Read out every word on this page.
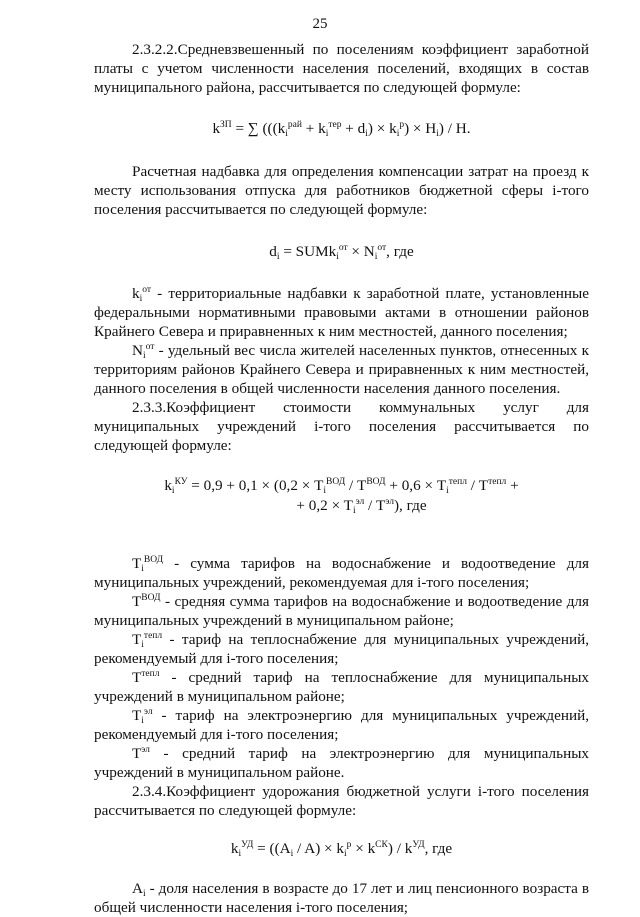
25

2.3.2.2.Средневзвешенный по поселениям коэффициент заработной платы с учетом численности населения поселений, входящих в состав муниципального района, рассчитывается по следующей формуле:

$k^{ЗП}$ = ∑ $(((k_i^{рай} + k_i^{тер} + d_i) \times k_i^р) \times H_i) / H$.

Расчетная надбавка для определения компенсации затрат на проезд к месту использования отпуска для работников бюджетной сферы i-того поселения рассчитывается по следующей формуле:

$d_i$ = SUMk$_i^{от}$ × $N_i^{от}$, где

$k_i^{от}$ - территориальные надбавки к заработной плате, установленные федеральными нормативными правовыми актами в отношении районов Крайнего Севера и приравненных к ним местностей, данного поселения;

$N_i^{от}$ - удельный вес числа жителей населенных пунктов, отнесенных к территориям районов Крайнего Севера и приравненных к ним местностей, данного поселения в общей численности населения данного поселения.

2.3.3.Коэффициент стоимости коммунальных услуг для муниципальных учреждений i-того поселения рассчитывается по следующей формуле:

$k_i^{КУ} = 0,9 + 0,1 \times (0,2 \times T_i^{ВОД} / T^{ВОД} + 0,6 \times T_i^{тепл} / T^{тепл}$ +
+ $0,2 \times T_i^{эл} / T^{эл}$), где

$T_i^{ВОД}$ - сумма тарифов на водоснабжение и водоотведение для муниципальных учреждений, рекомендуемая для i-того поселения;

$T^{ВОД}$ - средняя сумма тарифов на водоснабжение и водоотведение для муниципальных учреждений в муниципальном районе;

$T_i^{тепл}$ - тариф на теплоснабжение для муниципальных учреждений, рекомендуемый для i-того поселения;

$T^{тепл}$ - средний тариф на теплоснабжение для муниципальных учреждений в муниципальном районе;

$T_i^{эл}$ - тариф на электроэнергию для муниципальных учреждений, рекомендуемый для i-того поселения;

$T^{эл}$ - средний тариф на электроэнергию для муниципальных учреждений в муниципальном районе.

2.3.4.Коэффициент удорожания бюджетной услуги i-того поселения рассчитывается по следующей формуле:

$k_i^{УД} = ((A_i / A) \times k_i^р \times k^{СК}) / k^{УД}$, где

$A_i$ - доля населения в возрасте до 17 лет и лиц пенсионного возраста в общей численности населения i-того поселения;
